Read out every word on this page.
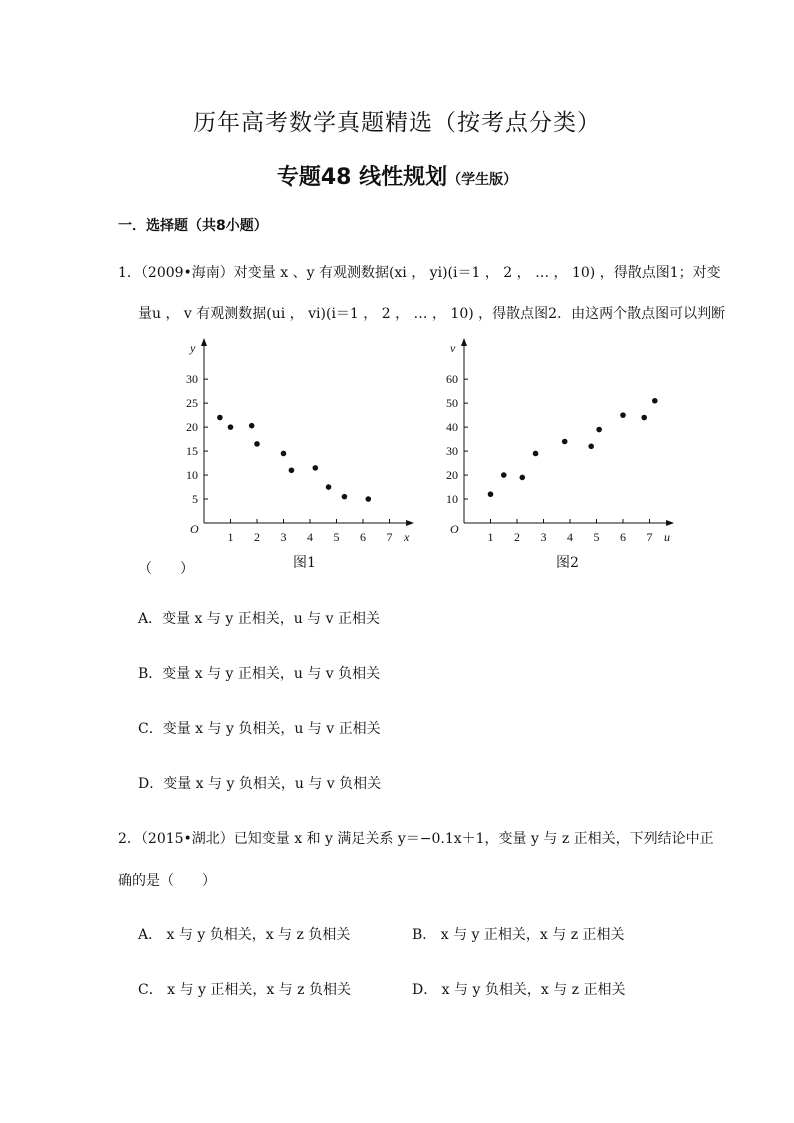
历年高考数学真题精选（按考点分类）
专题48 线性规划（学生版）
一．选择题（共8小题）
1．（2009•海南）对变量 x 、y 有观测数据(xi ， yi)(i＝1 ， 2 ， … ， 10) ，得散点图1；对变
量u ， v 有观测数据(ui ， vi)(i＝1 ， 2 ， … ， 10) ，得散点图2．由这两个散点图可以判断
x
y
O
1 2 3 4 5 6 7
5
10
15
20
25
30
u
v
O
1 2 3 4 5 6 7
10
20
30
40
50
60
图1	图2
（　　）
A．变量 x 与 y 正相关，u 与 v 正相关
B．变量 x 与 y 正相关，u 与 v 负相关
C．变量 x 与 y 负相关，u 与 v 正相关
D．变量 x 与 y 负相关，u 与 v 负相关
2．（2015•湖北）已知变量 x 和 y 满足关系 y＝−0.1x＋1，变量 y 与 z 正相关，下列结论中正
确的是（　　）
A． x 与 y 负相关，x 与 z 负相关	B． x 与 y 正相关，x 与 z 正相关
C． x 与 y 正相关，x 与 z 负相关	D． x 与 y 负相关，x 与 z 正相关
